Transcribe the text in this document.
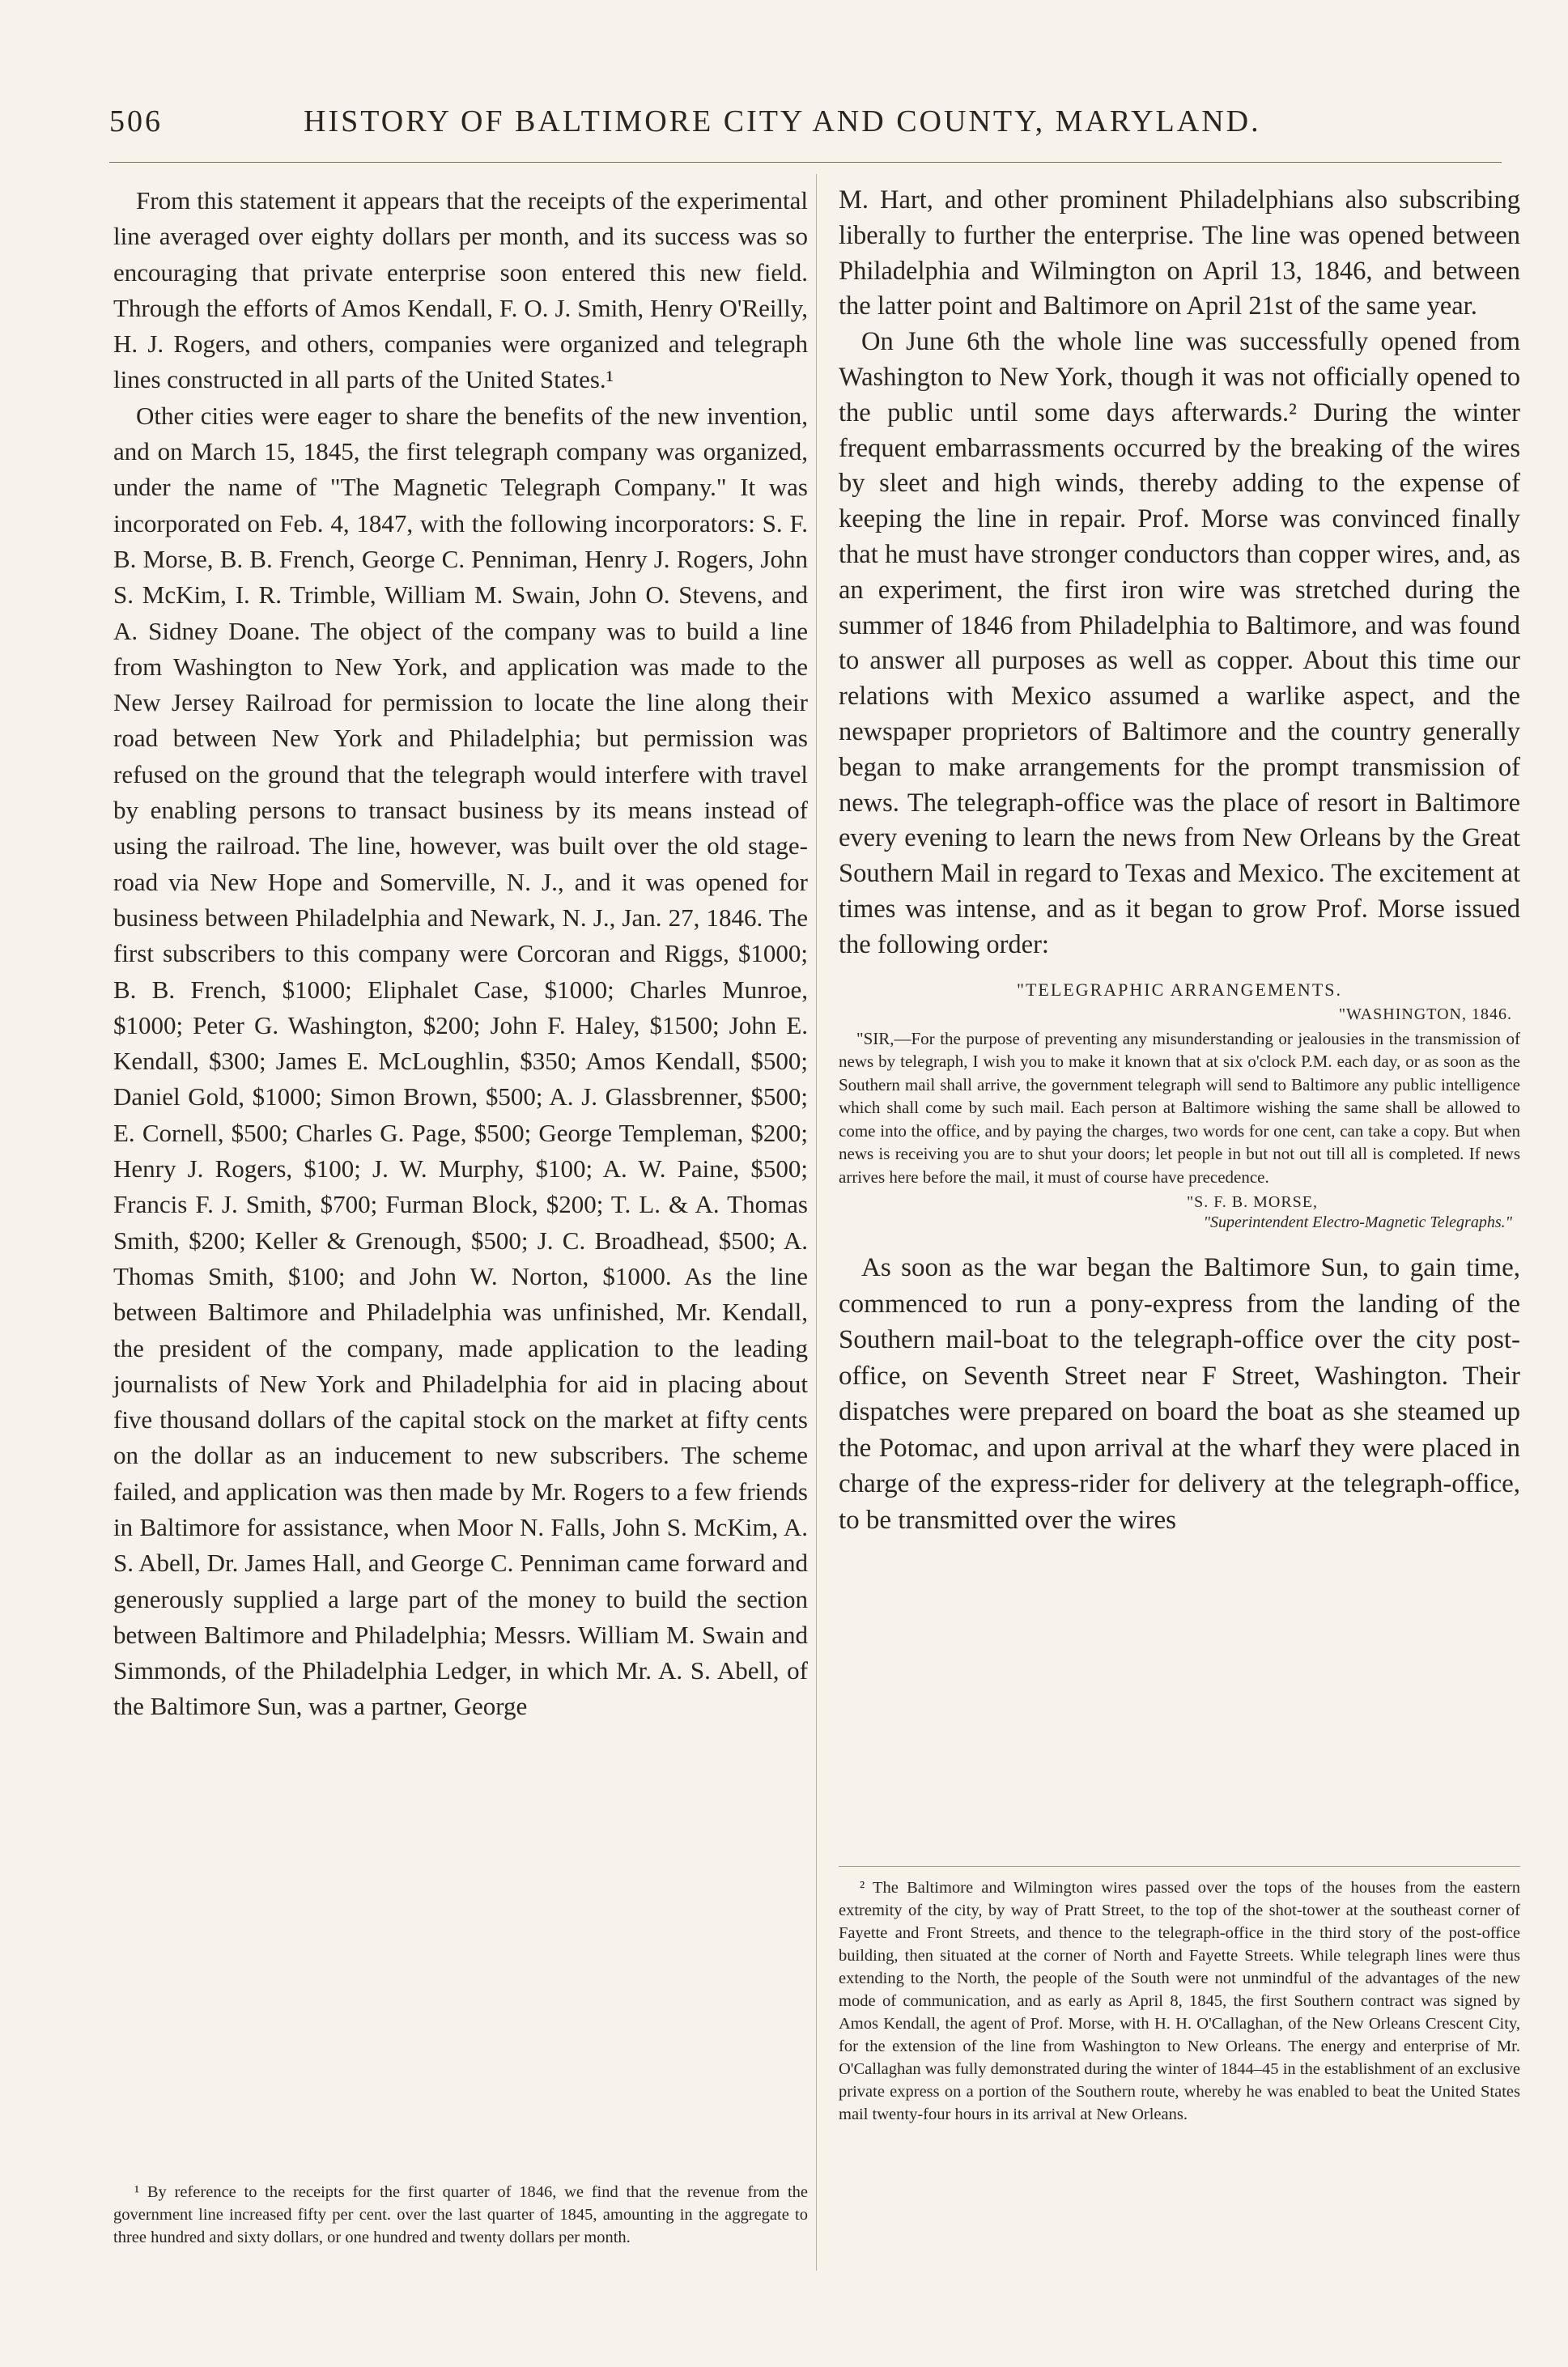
506	HISTORY OF BALTIMORE CITY AND COUNTY, MARYLAND.

From this statement it appears that the receipts of the experimental line averaged over eighty dollars per month, and its success was so encouraging that private enterprise soon entered this new field. Through the efforts of Amos Kendall, F. O. J. Smith, Henry O'Reilly, H. J. Rogers, and others, companies were organized and telegraph lines constructed in all parts of the United States.¹

Other cities were eager to share the benefits of the new invention, and on March 15, 1845, the first telegraph company was organized, under the name of "The Magnetic Telegraph Company." It was incorporated on Feb. 4, 1847, with the following incorporators: S. F. B. Morse, B. B. French, George C. Penniman, Henry J. Rogers, John S. McKim, I. R. Trimble, William M. Swain, John O. Stevens, and A. Sidney Doane. The object of the company was to build a line from Washington to New York, and application was made to the New Jersey Railroad for permission to locate the line along their road between New York and Philadelphia; but permission was refused on the ground that the telegraph would interfere with travel by enabling persons to transact business by its means instead of using the railroad. The line, however, was built over the old stage-road via New Hope and Somerville, N. J., and it was opened for business between Philadelphia and Newark, N. J., Jan. 27, 1846. The first subscribers to this company were Corcoran and Riggs, $1000; B. B. French, $1000; Eliphalet Case, $1000; Charles Munroe, $1000; Peter G. Washington, $200; John F. Haley, $1500; John E. Kendall, $300; James E. McLoughlin, $350; Amos Kendall, $500; Daniel Gold, $1000; Simon Brown, $500; A. J. Glassbrenner, $500; E. Cornell, $500; Charles G. Page, $500; George Templeman, $200; Henry J. Rogers, $100; J. W. Murphy, $100; A. W. Paine, $500; Francis F. J. Smith, $700; Furman Block, $200; T. L. & A. Thomas Smith, $200; Keller & Grenough, $500; J. C. Broadhead, $500; A. Thomas Smith, $100; and John W. Norton, $1000. As the line between Baltimore and Philadelphia was unfinished, Mr. Kendall, the president of the company, made application to the leading journalists of New York and Philadelphia for aid in placing about five thousand dollars of the capital stock on the market at fifty cents on the dollar as an inducement to new subscribers. The scheme failed, and application was then made by Mr. Rogers to a few friends in Baltimore for assistance, when Moor N. Falls, John S. McKim, A. S. Abell, Dr. James Hall, and George C. Penniman came forward and generously supplied a large part of the money to build the section between Baltimore and Philadelphia; Messrs. William M. Swain and Simmonds, of the Philadelphia Ledger, in which Mr. A. S. Abell, of the Baltimore Sun, was a partner, George

¹ By reference to the receipts for the first quarter of 1846, we find that the revenue from the government line increased fifty per cent. over the last quarter of 1845, amounting in the aggregate to three hundred and sixty dollars, or one hundred and twenty dollars per month.

M. Hart, and other prominent Philadelphians also subscribing liberally to further the enterprise. The line was opened between Philadelphia and Wilmington on April 13, 1846, and between the latter point and Baltimore on April 21st of the same year.

On June 6th the whole line was successfully opened from Washington to New York, though it was not officially opened to the public until some days afterwards.² During the winter frequent embarrassments occurred by the breaking of the wires by sleet and high winds, thereby adding to the expense of keeping the line in repair. Prof. Morse was convinced finally that he must have stronger conductors than copper wires, and, as an experiment, the first iron wire was stretched during the summer of 1846 from Philadelphia to Baltimore, and was found to answer all purposes as well as copper. About this time our relations with Mexico assumed a warlike aspect, and the newspaper proprietors of Baltimore and the country generally began to make arrangements for the prompt transmission of news. The telegraph-office was the place of resort in Baltimore every evening to learn the news from New Orleans by the Great Southern Mail in regard to Texas and Mexico. The excitement at times was intense, and as it began to grow Prof. Morse issued the following order:

"TELEGRAPHIC ARRANGEMENTS.
"WASHINGTON, 1846.

"SIR,—For the purpose of preventing any misunderstanding or jealousies in the transmission of news by telegraph, I wish you to make it known that at six o'clock P.M. each day, or as soon as the Southern mail shall arrive, the government telegraph will send to Baltimore any public intelligence which shall come by such mail. Each person at Baltimore wishing the same shall be allowed to come into the office, and by paying the charges, two words for one cent, can take a copy. But when news is receiving you are to shut your doors; let people in but not out till all is completed. If news arrives here before the mail, it must of course have precedence.

"S. F. B. MORSE,
"Superintendent Electro-Magnetic Telegraphs."

As soon as the war began the Baltimore Sun, to gain time, commenced to run a pony-express from the landing of the Southern mail-boat to the telegraph-office over the city post-office, on Seventh Street near F Street, Washington. Their dispatches were prepared on board the boat as she steamed up the Potomac, and upon arrival at the wharf they were placed in charge of the express-rider for delivery at the telegraph-office, to be transmitted over the wires

² The Baltimore and Wilmington wires passed over the tops of the houses from the eastern extremity of the city, by way of Pratt Street, to the top of the shot-tower at the southeast corner of Fayette and Front Streets, and thence to the telegraph-office in the third story of the post-office building, then situated at the corner of North and Fayette Streets. While telegraph lines were thus extending to the North, the people of the South were not unmindful of the advantages of the new mode of communication, and as early as April 8, 1845, the first Southern contract was signed by Amos Kendall, the agent of Prof. Morse, with H. H. O'Callaghan, of the New Orleans Crescent City, for the extension of the line from Washington to New Orleans. The energy and enterprise of Mr. O'Callaghan was fully demonstrated during the winter of 1844–45 in the establishment of an exclusive private express on a portion of the Southern route, whereby he was enabled to beat the United States mail twenty-four hours in its arrival at New Orleans.
